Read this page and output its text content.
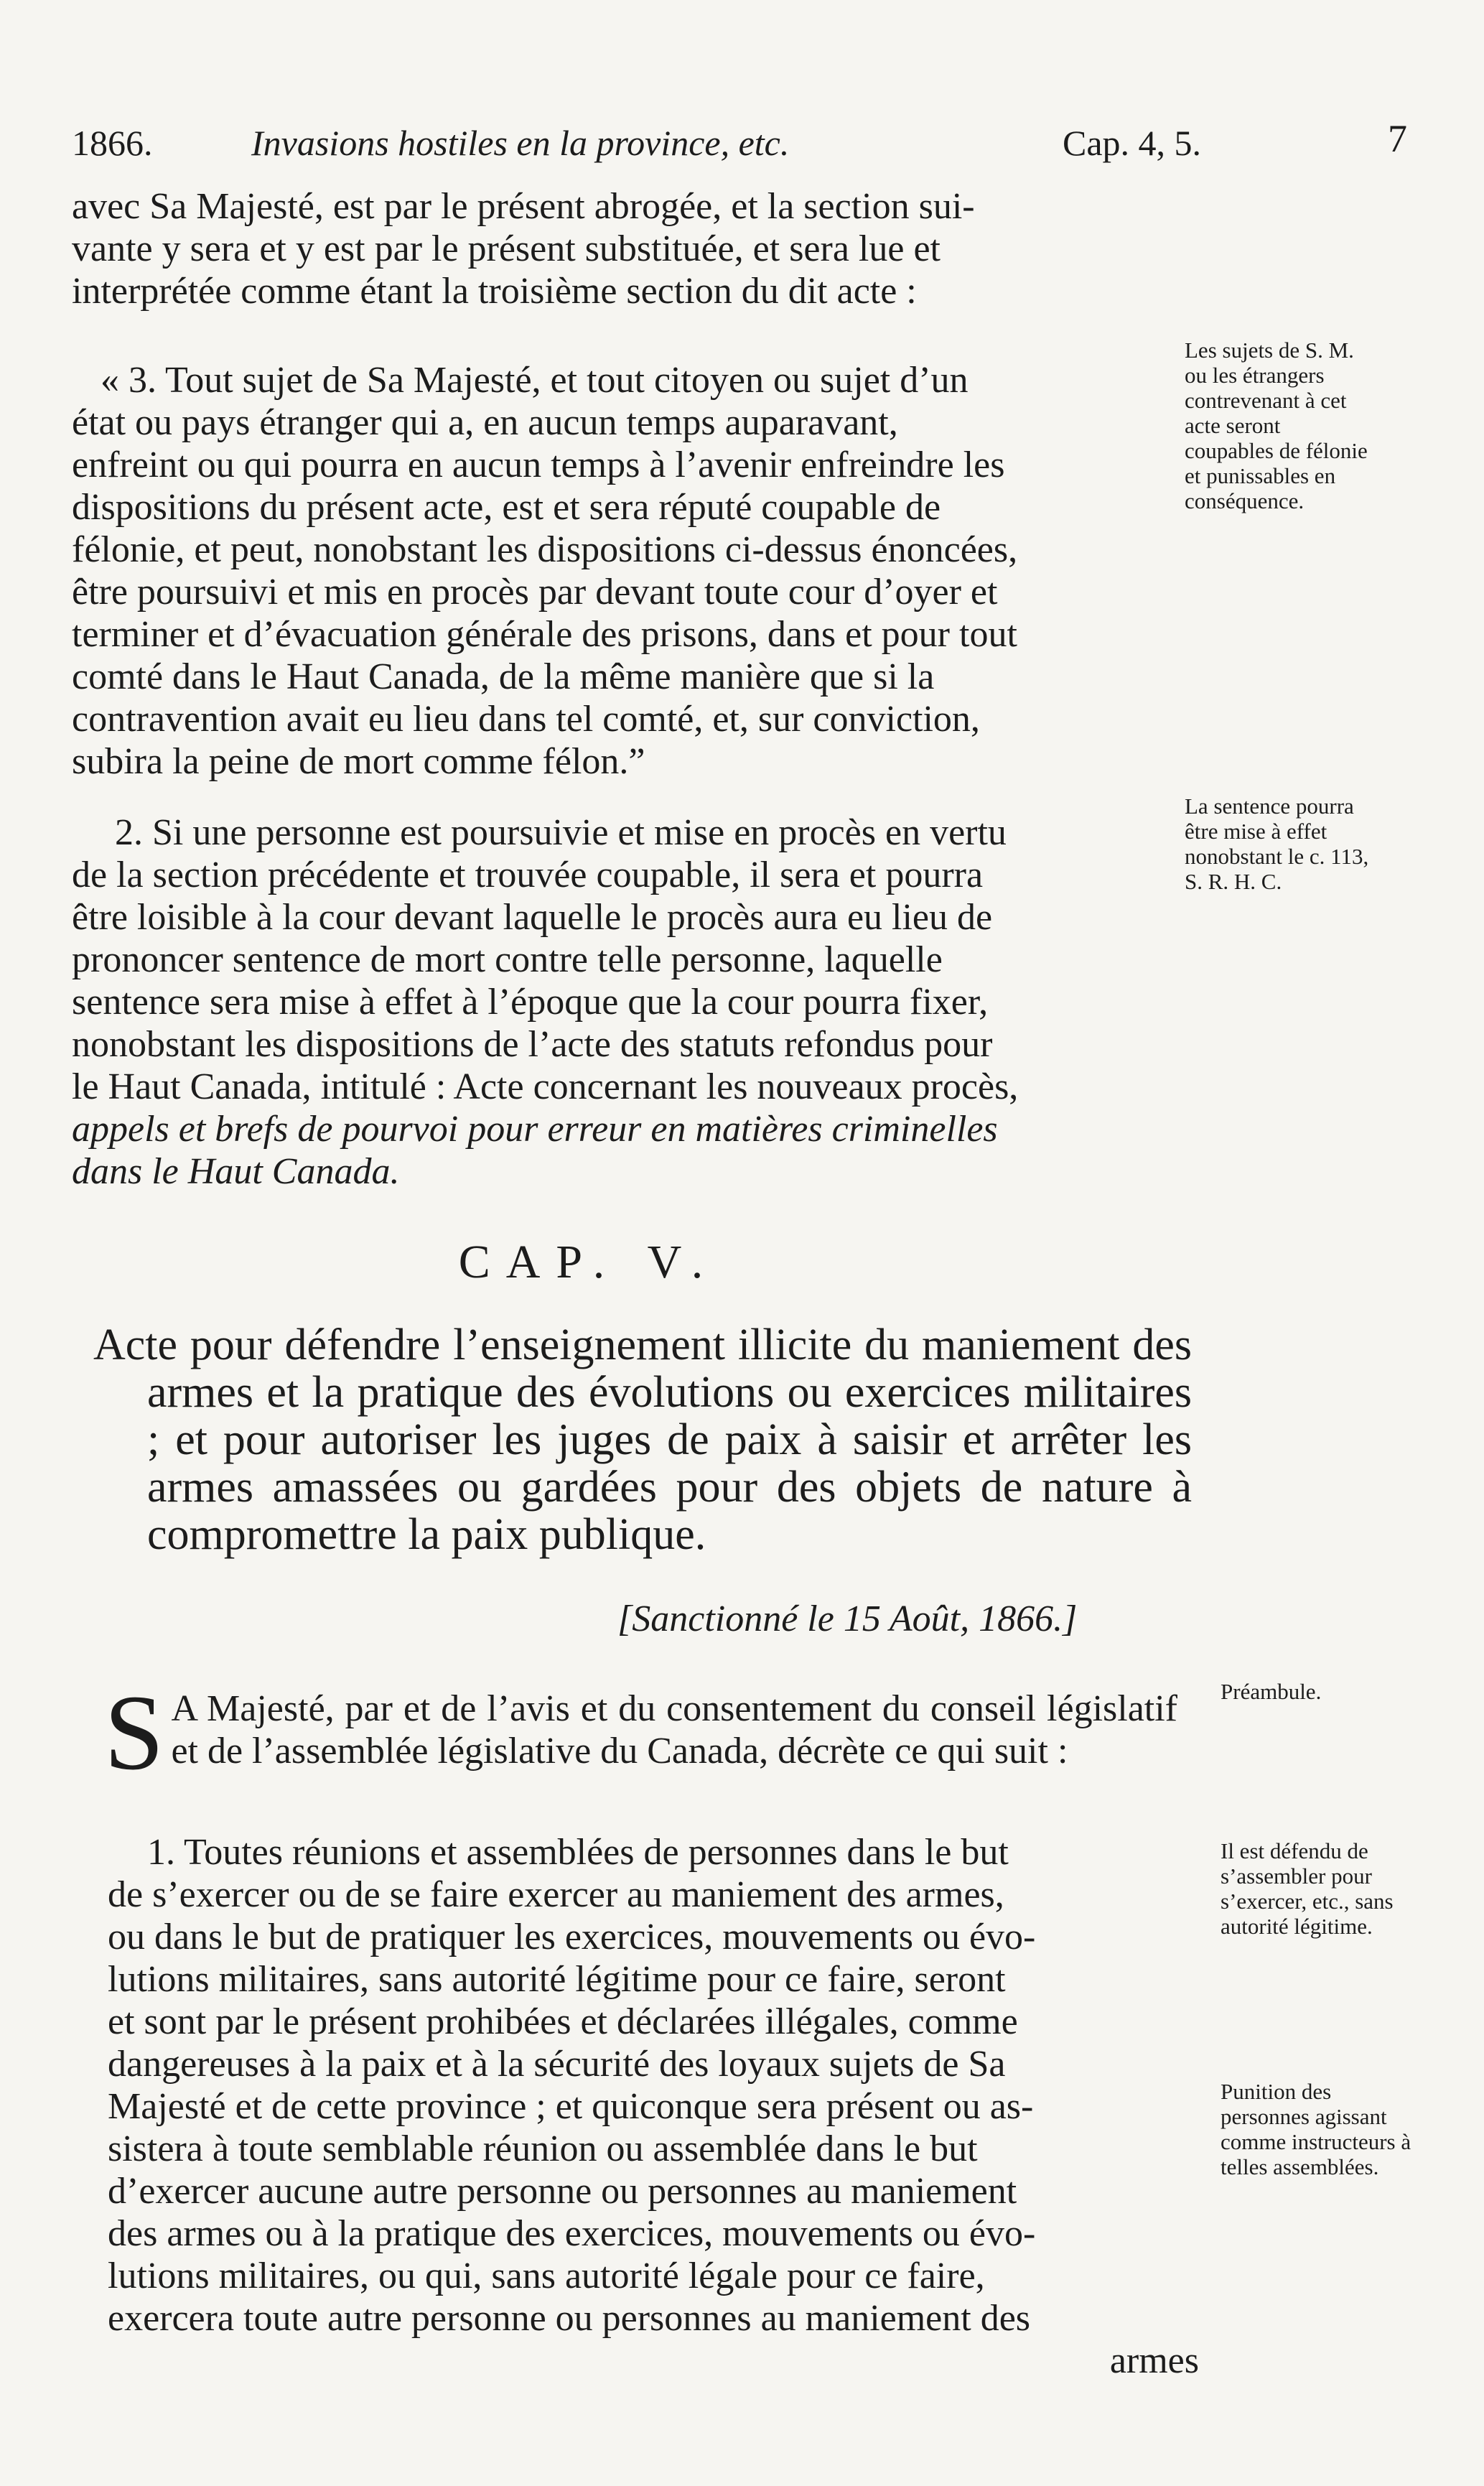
1866.	Invasions hostiles en la province, etc.	Cap. 4, 5.	7
avec Sa Majesté, est par le présent abrogée, et la section sui-
vante y sera et y est par le présent substituée, et sera lue et
interprétée comme étant la troisième section du dit acte :
« 3. Tout sujet de Sa Majesté, et tout citoyen ou sujet d’un
état ou pays étranger qui a, en aucun temps auparavant,
enfreint ou qui pourra en aucun temps à l’avenir enfreindre les
dispositions du présent acte, est et sera réputé coupable de
félonie, et peut, nonobstant les dispositions ci-dessus énoncées,
être poursuivi et mis en procès par devant toute cour d’oyer et
terminer et d’évacuation générale des prisons, dans et pour tout
comté dans le Haut Canada, de la même manière que si la
contravention avait eu lieu dans tel comté, et, sur conviction,
subira la peine de mort comme félon.”
Les sujets de S. M. ou les étrangers contrevenant à cet acte seront coupables de félonie et punissables en conséquence.
2. Si une personne est poursuivie et mise en procès en vertu
de la section précédente et trouvée coupable, il sera et pourra
être loisible à la cour devant laquelle le procès aura eu lieu de
prononcer sentence de mort contre telle personne, laquelle
sentence sera mise à effet à l’époque que la cour pourra fixer,
nonobstant les dispositions de l’acte des statuts refondus pour
le Haut Canada, intitulé : Acte concernant les nouveaux procès,
appels et brefs de pourvoi pour erreur en matières criminelles
dans le Haut Canada.
La sentence pourra être mise à effet nonobstant le c. 113, S. R. H. C.
CAP. V.

Acte pour défendre l’enseignement illicite du maniement des armes et la pratique des évolutions ou exercices militaires ; et pour autoriser les juges de paix à saisir et arrêter les armes amassées ou gardées pour des objets de nature à compromettre la paix publique.

[Sanctionné le 15 Août, 1866.]
S A Majesté, par et de l’avis et du consentement du conseil législatif et de l’assemblée législative du Canada, décrète ce qui suit :
Préambule.
1. Toutes réunions et assemblées de personnes dans le but
de s’exercer ou de se faire exercer au maniement des armes,
ou dans le but de pratiquer les exercices, mouvements ou évo-
lutions militaires, sans autorité légitime pour ce faire, seront
et sont par le présent prohibées et déclarées illégales, comme
dangereuses à la paix et à la sécurité des loyaux sujets de Sa
Majesté et de cette province ; et quiconque sera présent ou as-
sistera à toute semblable réunion ou assemblée dans le but
d’exercer aucune autre personne ou personnes au maniement
des armes ou à la pratique des exercices, mouvements ou évo-
lutions militaires, ou qui, sans autorité légale pour ce faire,
exercera toute autre personne ou personnes au maniement des
armes
Il est défendu de s’assembler pour s’exercer, etc., sans autorité légitime.
Punition des personnes agissant comme instructeurs à telles assemblées.
